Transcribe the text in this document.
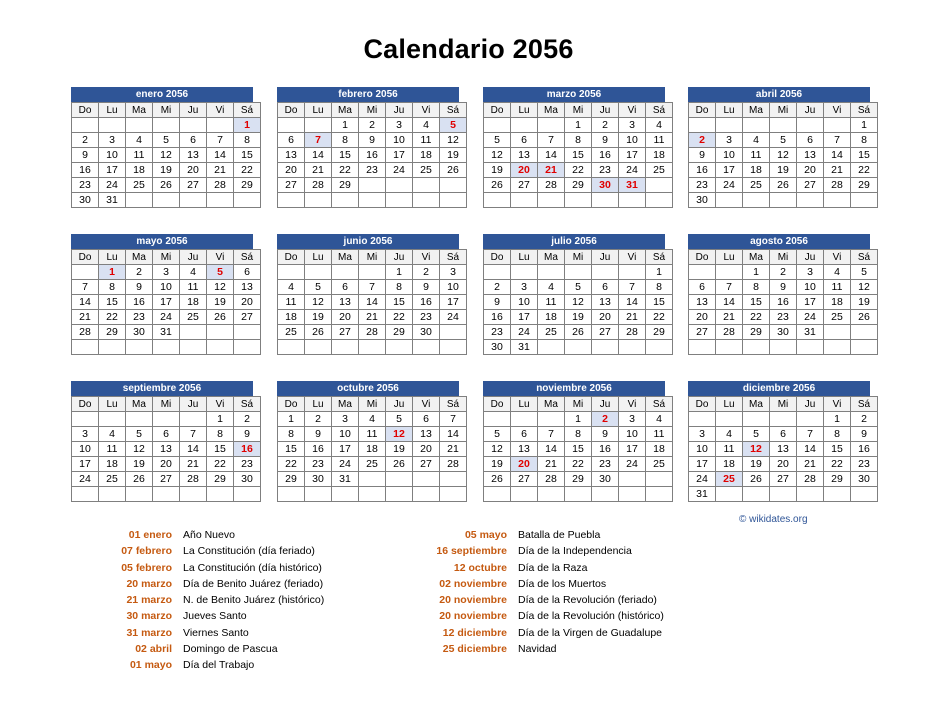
Calendario 2056
enero 2056
Do	Lu	Ma	Mi	Ju	Vi	Sá
						1
2	3	4	5	6	7	8
9	10	11	12	13	14	15
16	17	18	19	20	21	22
23	24	25	26	27	28	29
30	31					
febrero 2056
Do	Lu	Ma	Mi	Ju	Vi	Sá
		1	2	3	4	5
6	7	8	9	10	11	12
13	14	15	16	17	18	19
20	21	22	23	24	25	26
27	28	29				

marzo 2056
Do	Lu	Ma	Mi	Ju	Vi	Sá
			1	2	3	4
5	6	7	8	9	10	11
12	13	14	15	16	17	18
19	20	21	22	23	24	25
26	27	28	29	30	31	

abril 2056
Do	Lu	Ma	Mi	Ju	Vi	Sá
						1
2	3	4	5	6	7	8
9	10	11	12	13	14	15
16	17	18	19	20	21	22
23	24	25	26	27	28	29
30						
mayo 2056
Do	Lu	Ma	Mi	Ju	Vi	Sá
	1	2	3	4	5	6
7	8	9	10	11	12	13
14	15	16	17	18	19	20
21	22	23	24	25	26	27
28	29	30	31			

junio 2056
Do	Lu	Ma	Mi	Ju	Vi	Sá
				1	2	3
4	5	6	7	8	9	10
11	12	13	14	15	16	17
18	19	20	21	22	23	24
25	26	27	28	29	30	

julio 2056
Do	Lu	Ma	Mi	Ju	Vi	Sá
						1
2	3	4	5	6	7	8
9	10	11	12	13	14	15
16	17	18	19	20	21	22
23	24	25	26	27	28	29
30	31					
agosto 2056
Do	Lu	Ma	Mi	Ju	Vi	Sá
		1	2	3	4	5
6	7	8	9	10	11	12
13	14	15	16	17	18	19
20	21	22	23	24	25	26
27	28	29	30	31		

septiembre 2056
Do	Lu	Ma	Mi	Ju	Vi	Sá
					1	2
3	4	5	6	7	8	9
10	11	12	13	14	15	16
17	18	19	20	21	22	23
24	25	26	27	28	29	30

octubre 2056
Do	Lu	Ma	Mi	Ju	Vi	Sá
1	2	3	4	5	6	7
8	9	10	11	12	13	14
15	16	17	18	19	20	21
22	23	24	25	26	27	28
29	30	31				

noviembre 2056
Do	Lu	Ma	Mi	Ju	Vi	Sá
			1	2	3	4
5	6	7	8	9	10	11
12	13	14	15	16	17	18
19	20	21	22	23	24	25
26	27	28	29	30		

diciembre 2056
Do	Lu	Ma	Mi	Ju	Vi	Sá
					1	2
3	4	5	6	7	8	9
10	11	12	13	14	15	16
17	18	19	20	21	22	23
24	25	26	27	28	29	30
31						
© wikidates.org
01 enero Año Nuevo
07 febrero La Constitución (día feriado)
05 febrero La Constitución (día histórico)
20 marzo Día de Benito Juárez (feriado)
21 marzo N. de Benito Juárez (histórico)
30 marzo Jueves Santo
31 marzo Viernes Santo
02 abril Domingo de Pascua
01 mayo Día del Trabajo
05 mayo Batalla de Puebla
16 septiembre Día de la Independencia
12 octubre Día de la Raza
02 noviembre Día de los Muertos
20 noviembre Día de la Revolución (feriado)
20 noviembre Día de la Revolución (histórico)
12 diciembre Día de la Virgen de Guadalupe
25 diciembre Navidad
